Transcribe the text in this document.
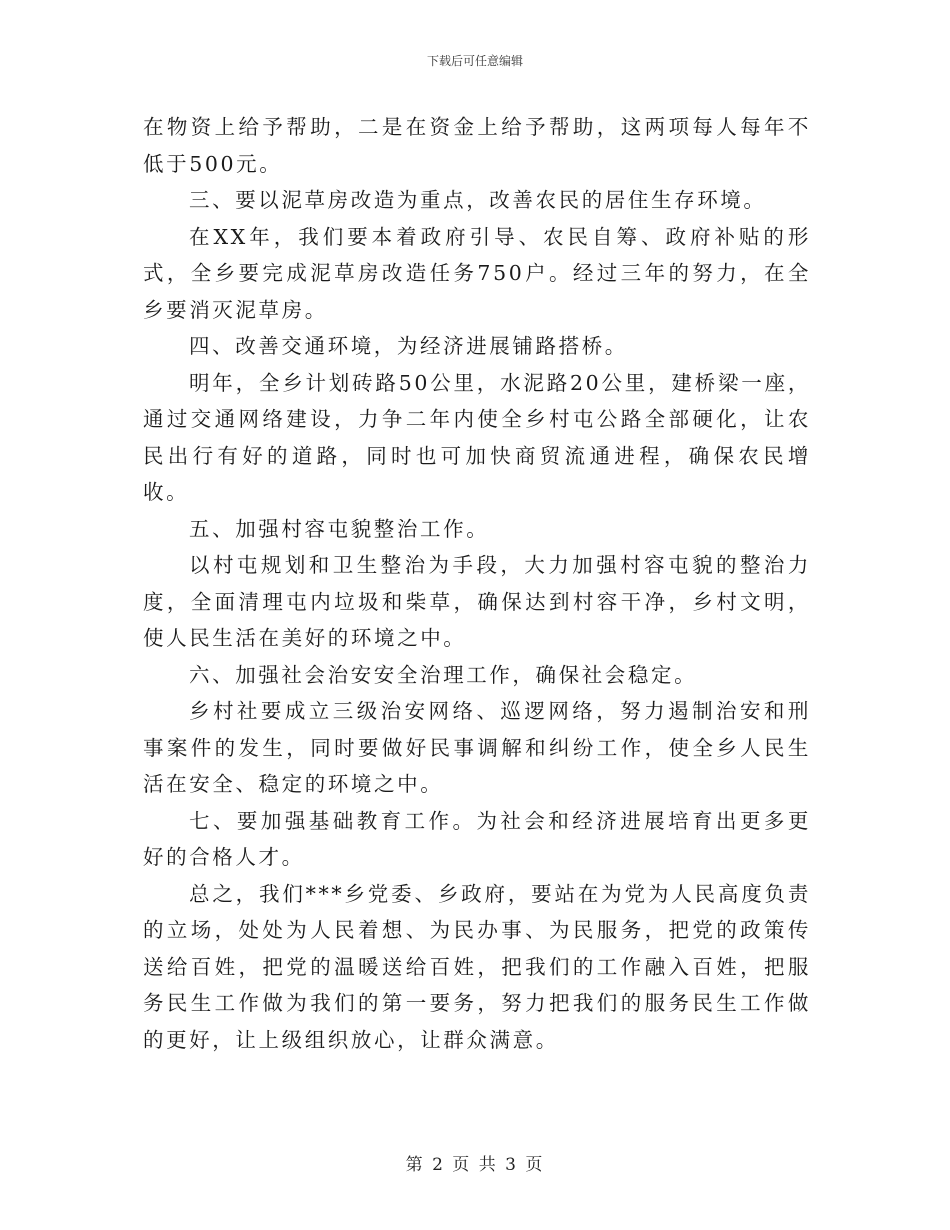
下载后可任意编辑

在物资上给予帮助，二是在资金上给予帮助，这两项每人每年不低于500元。

三、要以泥草房改造为重点，改善农民的居住生存环境。

在XX年，我们要本着政府引导、农民自筹、政府补贴的形式，全乡要完成泥草房改造任务750户。经过三年的努力，在全乡要消灭泥草房。

四、改善交通环境，为经济进展铺路搭桥。

明年，全乡计划砖路50公里，水泥路20公里，建桥梁一座，通过交通网络建设，力争二年内使全乡村屯公路全部硬化，让农民出行有好的道路，同时也可加快商贸流通进程，确保农民增收。

五、加强村容屯貌整治工作。

以村屯规划和卫生整治为手段，大力加强村容屯貌的整治力度，全面清理屯内垃圾和柴草，确保达到村容干净，乡村文明，使人民生活在美好的环境之中。

六、加强社会治安安全治理工作，确保社会稳定。

乡村社要成立三级治安网络、巡逻网络，努力遏制治安和刑事案件的发生，同时要做好民事调解和纠纷工作，使全乡人民生活在安全、稳定的环境之中。

七、要加强基础教育工作。为社会和经济进展培育出更多更好的合格人才。

总之，我们***乡党委、乡政府，要站在为党为人民高度负责的立场，处处为人民着想、为民办事、为民服务，把党的政策传送给百姓，把党的温暖送给百姓，把我们的工作融入百姓，把服务民生工作做为我们的第一要务，努力把我们的服务民生工作做的更好，让上级组织放心，让群众满意。

第 2 页 共 3 页
